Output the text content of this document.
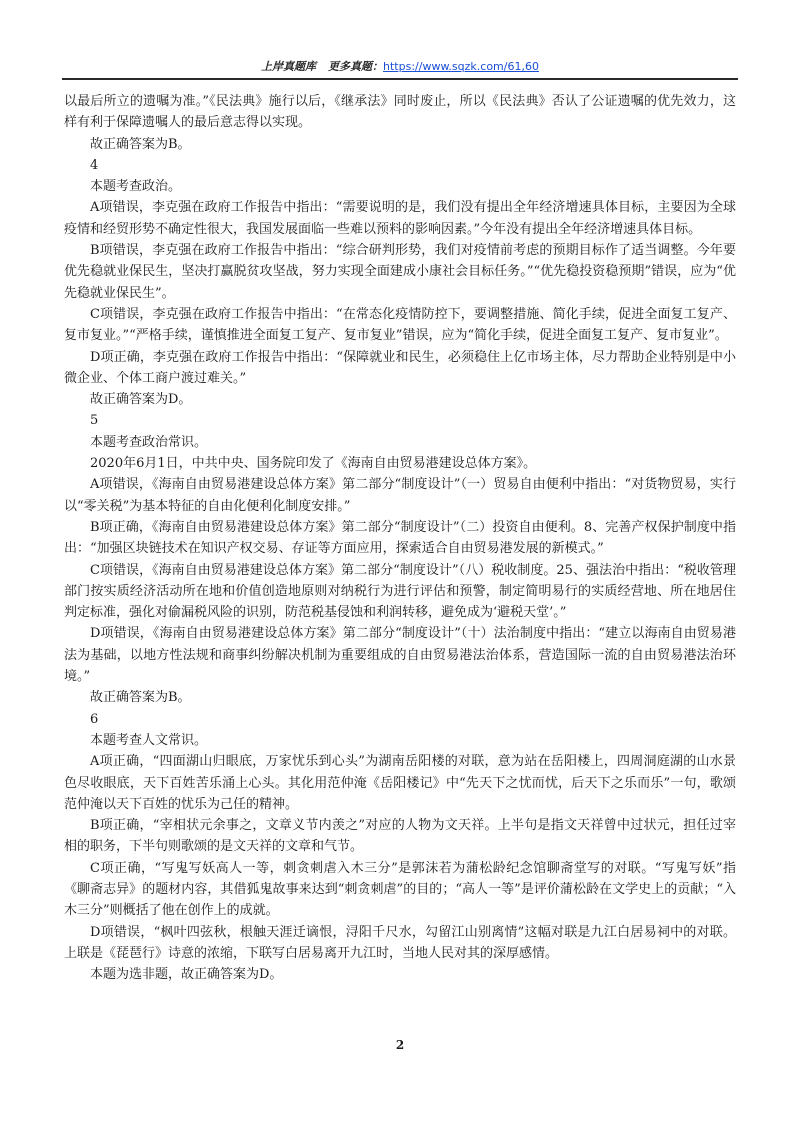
上岸真题库 更多真题：https://www.sqzk.com/61,60

以最后所立的遗嘱为准。”《民法典》施行以后，《继承法》同时废止，所以《民法典》否认了公证遗嘱的优先效力，这样有利于保障遗嘱人的最后意志得以实现。

故正确答案为B。

4

本题考查政治。

A项错误，李克强在政府工作报告中指出：“需要说明的是，我们没有提出全年经济增速具体目标，主要因为全球疫情和经贸形势不确定性很大，我国发展面临一些难以预料的影响因素。”今年没有提出全年经济增速具体目标。

B项错误，李克强在政府工作报告中指出：“综合研判形势，我们对疫情前考虑的预期目标作了适当调整。今年要优先稳就业保民生，坚决打赢脱贫攻坚战，努力实现全面建成小康社会目标任务。”“优先稳投资稳预期”错误，应为“优先稳就业保民生”。

C项错误，李克强在政府工作报告中指出：“在常态化疫情防控下，要调整措施、简化手续，促进全面复工复产、复市复业。”“严格手续，谨慎推进全面复工复产、复市复业”错误，应为“简化手续，促进全面复工复产、复市复业”。

D项正确，李克强在政府工作报告中指出：“保障就业和民生，必须稳住上亿市场主体，尽力帮助企业特别是中小微企业、个体工商户渡过难关。”

故正确答案为D。

5

本题考查政治常识。

2020年6月1日，中共中央、国务院印发了《海南自由贸易港建设总体方案》。

A项错误，《海南自由贸易港建设总体方案》第二部分“制度设计”（一）贸易自由便利中指出：“对货物贸易，实行以“零关税”为基本特征的自由化便利化制度安排。”

B项正确，《海南自由贸易港建设总体方案》第二部分“制度设计”（二）投资自由便利。8、完善产权保护制度中指出：“加强区块链技术在知识产权交易、存证等方面应用，探索适合自由贸易港发展的新模式。”

C项错误，《海南自由贸易港建设总体方案》第二部分“制度设计”（八）税收制度。25、强法治中指出：“税收管理部门按实质经济活动所在地和价值创造地原则对纳税行为进行评估和预警，制定简明易行的实质经营地、所在地居住判定标准，强化对偷漏税风险的识别，防范税基侵蚀和利润转移，避免成为‘避税天堂’。”

D项错误，《海南自由贸易港建设总体方案》第二部分“制度设计”（十）法治制度中指出：“建立以海南自由贸易港法为基础，以地方性法规和商事纠纷解决机制为重要组成的自由贸易港法治体系，营造国际一流的自由贸易港法治环境。”

故正确答案为B。

6

本题考查人文常识。

A项正确，“四面湖山归眼底，万家忧乐到心头”为湖南岳阳楼的对联，意为站在岳阳楼上，四周洞庭湖的山水景色尽收眼底，天下百姓苦乐涌上心头。其化用范仲淹《岳阳楼记》中“先天下之忧而忧，后天下之乐而乐”一句，歌颂范仲淹以天下百姓的忧乐为己任的精神。

B项正确，“宰相状元余事之，文章义节内羡之”对应的人物为文天祥。上半句是指文天祥曾中过状元，担任过宰相的职务，下半句则歌颂的是文天祥的文章和气节。

C项正确，“写鬼写妖高人一等，刺贪刺虐入木三分”是郭沫若为蒲松龄纪念馆聊斋堂写的对联。“写鬼写妖”指《聊斋志异》的题材内容，其借狐鬼故事来达到“刺贪刺虐”的目的；“高人一等”是评价蒲松龄在文学史上的贡献；“入木三分”则概括了他在创作上的成就。

D项错误，“枫叶四弦秋，根触天涯迁谪恨，浔阳千尺水，勾留江山别离情”这幅对联是九江白居易祠中的对联。上联是《琵琶行》诗意的浓缩，下联写白居易离开九江时，当地人民对其的深厚感情。

本题为选非题，故正确答案为D。

2
